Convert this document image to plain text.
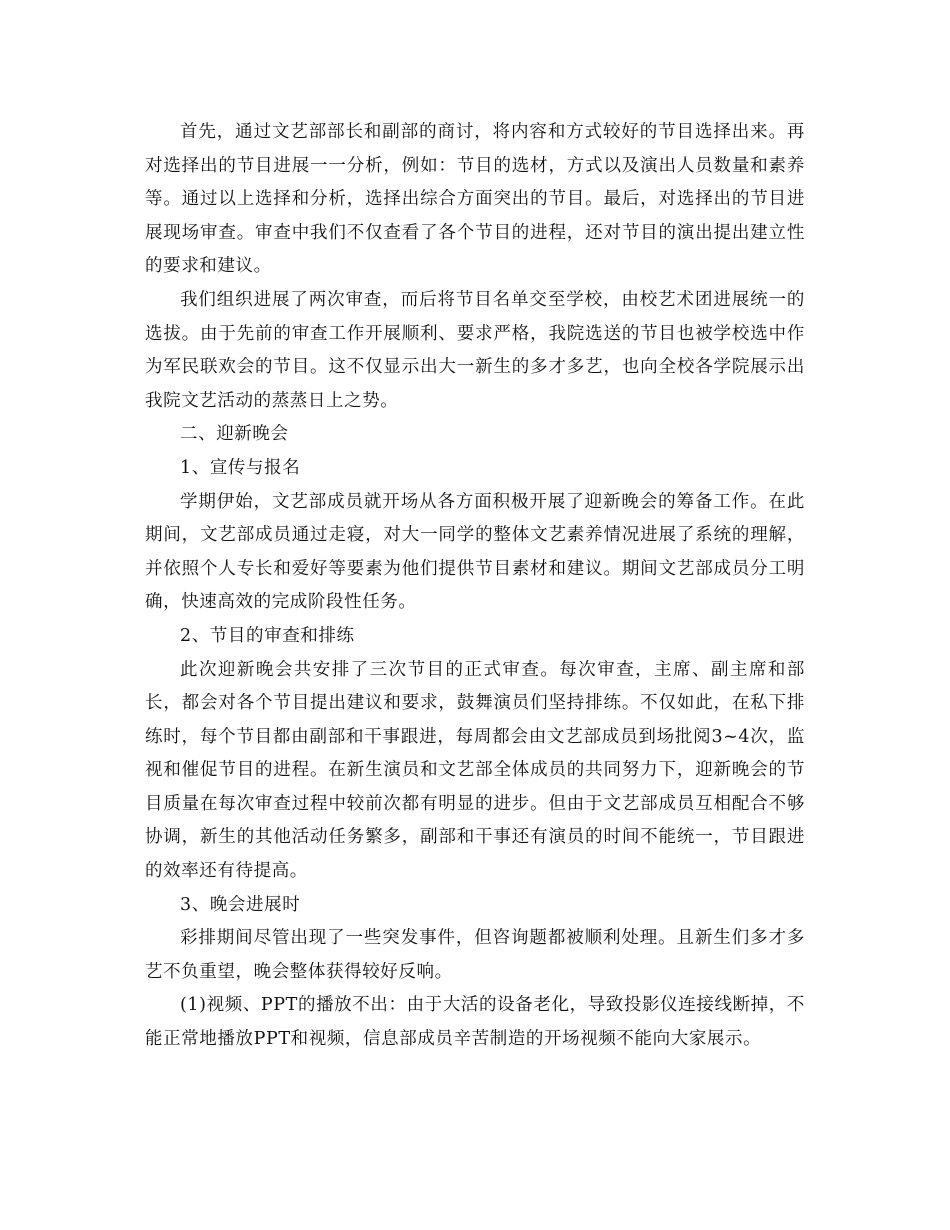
首先，通过文艺部部长和副部的商讨，将内容和方式较好的节目选择出来。再对选择出的节目进展一一分析，例如：节目的选材，方式以及演出人员数量和素养等。通过以上选择和分析，选择出综合方面突出的节目。最后，对选择出的节目进展现场审查。审查中我们不仅查看了各个节目的进程，还对节目的演出提出建立性的要求和建议。

我们组织进展了两次审查，而后将节目名单交至学校，由校艺术团进展统一的选拔。由于先前的审查工作开展顺利、要求严格，我院选送的节目也被学校选中作为军民联欢会的节目。这不仅显示出大一新生的多才多艺，也向全校各学院展示出我院文艺活动的蒸蒸日上之势。

二、迎新晚会

1、宣传与报名

学期伊始，文艺部成员就开场从各方面积极开展了迎新晚会的筹备工作。在此期间，文艺部成员通过走寝，对大一同学的整体文艺素养情况进展了系统的理解，并依照个人专长和爱好等要素为他们提供节目素材和建议。期间文艺部成员分工明确，快速高效的完成阶段性任务。

2、节目的审查和排练

此次迎新晚会共安排了三次节目的正式审查。每次审查，主席、副主席和部长，都会对各个节目提出建议和要求，鼓舞演员们坚持排练。不仅如此，在私下排练时，每个节目都由副部和干事跟进，每周都会由文艺部成员到场批阅3~4次，监视和催促节目的进程。在新生演员和文艺部全体成员的共同努力下，迎新晚会的节目质量在每次审查过程中较前次都有明显的进步。但由于文艺部成员互相配合不够协调，新生的其他活动任务繁多，副部和干事还有演员的时间不能统一，节目跟进的效率还有待提高。

3、晚会进展时

彩排期间尽管出现了一些突发事件，但咨询题都被顺利处理。且新生们多才多艺不负重望，晚会整体获得较好反响。

(1)视频、PPT的播放不出：由于大活的设备老化，导致投影仪连接线断掉，不能正常地播放PPT和视频，信息部成员辛苦制造的开场视频不能向大家展示。
